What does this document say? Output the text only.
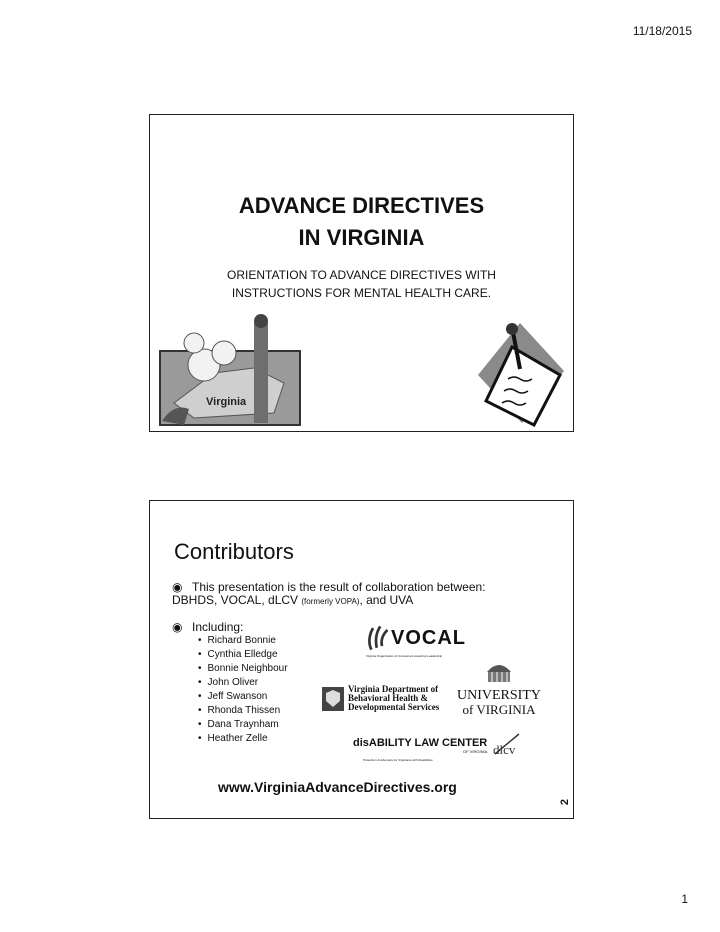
11/18/2015
ADVANCE DIRECTIVES
IN VIRGINIA
ORIENTATION TO ADVANCE DIRECTIVES WITH
INSTRUCTIONS FOR MENTAL HEALTH CARE.
Virginia
Contributors
◉ This presentation is the result of collaboration between: DBHDS, VOCAL, dLCV (formerly VOPA), and UVA
◉ Including:
• Richard Bonnie
• Cynthia Elledge
• Bonnie Neighbour
• John Oliver
• Jeff Swanson
• Rhonda Thissen
• Dana Traynham
• Heather Zelle
VOCAL
Virginia Organization of Consumers Asserting Leadership
Virginia Department of
Behavioral Health &
Developmental Services
UNIVERSITY
of VIRGINIA
disABILITY LAW CENTER
OF VIRGINIA dlcv
Protection & Advocacy for Virginians with Disabilities
www.VirginiaAdvanceDirectives.org
2
1
